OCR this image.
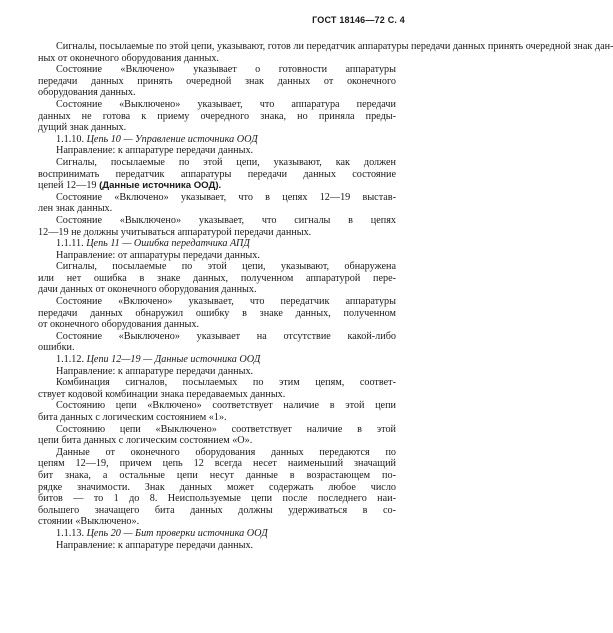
ГОСТ 18146—72 С. 4
Сигналы, посылаемые по этой цепи, указывают, готов ли передатчик аппаратуры передачи данных принять очередной знак дан-
ных от оконечного оборудования данных.
Состояние «Включено» указывает о готовности аппаратуры
передачи данных принять очередной знак данных от оконечного
оборудования данных.
Состояние «Выключено» указывает, что аппаратура передачи
данных не готова к приему очередного знака, но приняла преды-
дущий знак данных.
1.1.10. Цепь 10 — Управление источника ООД
Направление: к аппаратуре передачи данных.
Сигналы, посылаемые по этой цепи, указывают, как должен
воспринимать передатчик аппаратуры передачи данных состояние
цепей 12—19 (Данные источника ООД).
Состояние «Включено» указывает, что в цепях 12—19 выстав-
лен знак данных.
Состояние «Выключено» указывает, что сигналы в цепях
12—19 не должны учитываться аппаратурой передачи данных.
1.1.11. Цепь 11 — Ошибка передатчика АПД
Направление: от аппаратуры передачи данных.
Сигналы, посылаемые по этой цепи, указывают, обнаружена
или нет ошибка в знаке данных, полученном аппаратурой пере-
дачи данных от оконечного оборудования данных.
Состояние «Включено» указывает, что передатчик аппаратуры
передачи данных обнаружил ошибку в знаке данных, полученном
от оконечного оборудования данных.
Состояние «Выключено» указывает на отсутствие какой-либо
ошибки.
1.1.12. Цепи 12—19 — Данные источника ООД
Направление: к аппаратуре передачи данных.
Комбинация сигналов, посылаемых по этим цепям, соответ-
ствует кодовой комбинации знака передаваемых данных.
Состоянию цепи «Включено» соответствует наличие в этой цепи
бита данных с логическим состоянием «1».
Состоянию цепи «Выключено» соответствует наличие в этой
цепи бита данных с логическим состоянием «О».
Данные от оконечного оборудования данных передаются по
цепям 12—19, причем цепь 12 всегда несет наименьший значащий
бит знака, а остальные цепи несут данные в возрастающем по-
рядке значимости. Знак данных может содержать любое число
битов — то 1 до 8. Неиспользуемые цепи после последнего наи-
большего значащего бита данных должны удерживаться в со-
стоянии «Выключено».
1.1.13. Цепь 20 — Бит проверки источника ООД
Направление: к аппаратуре передачи данных.
